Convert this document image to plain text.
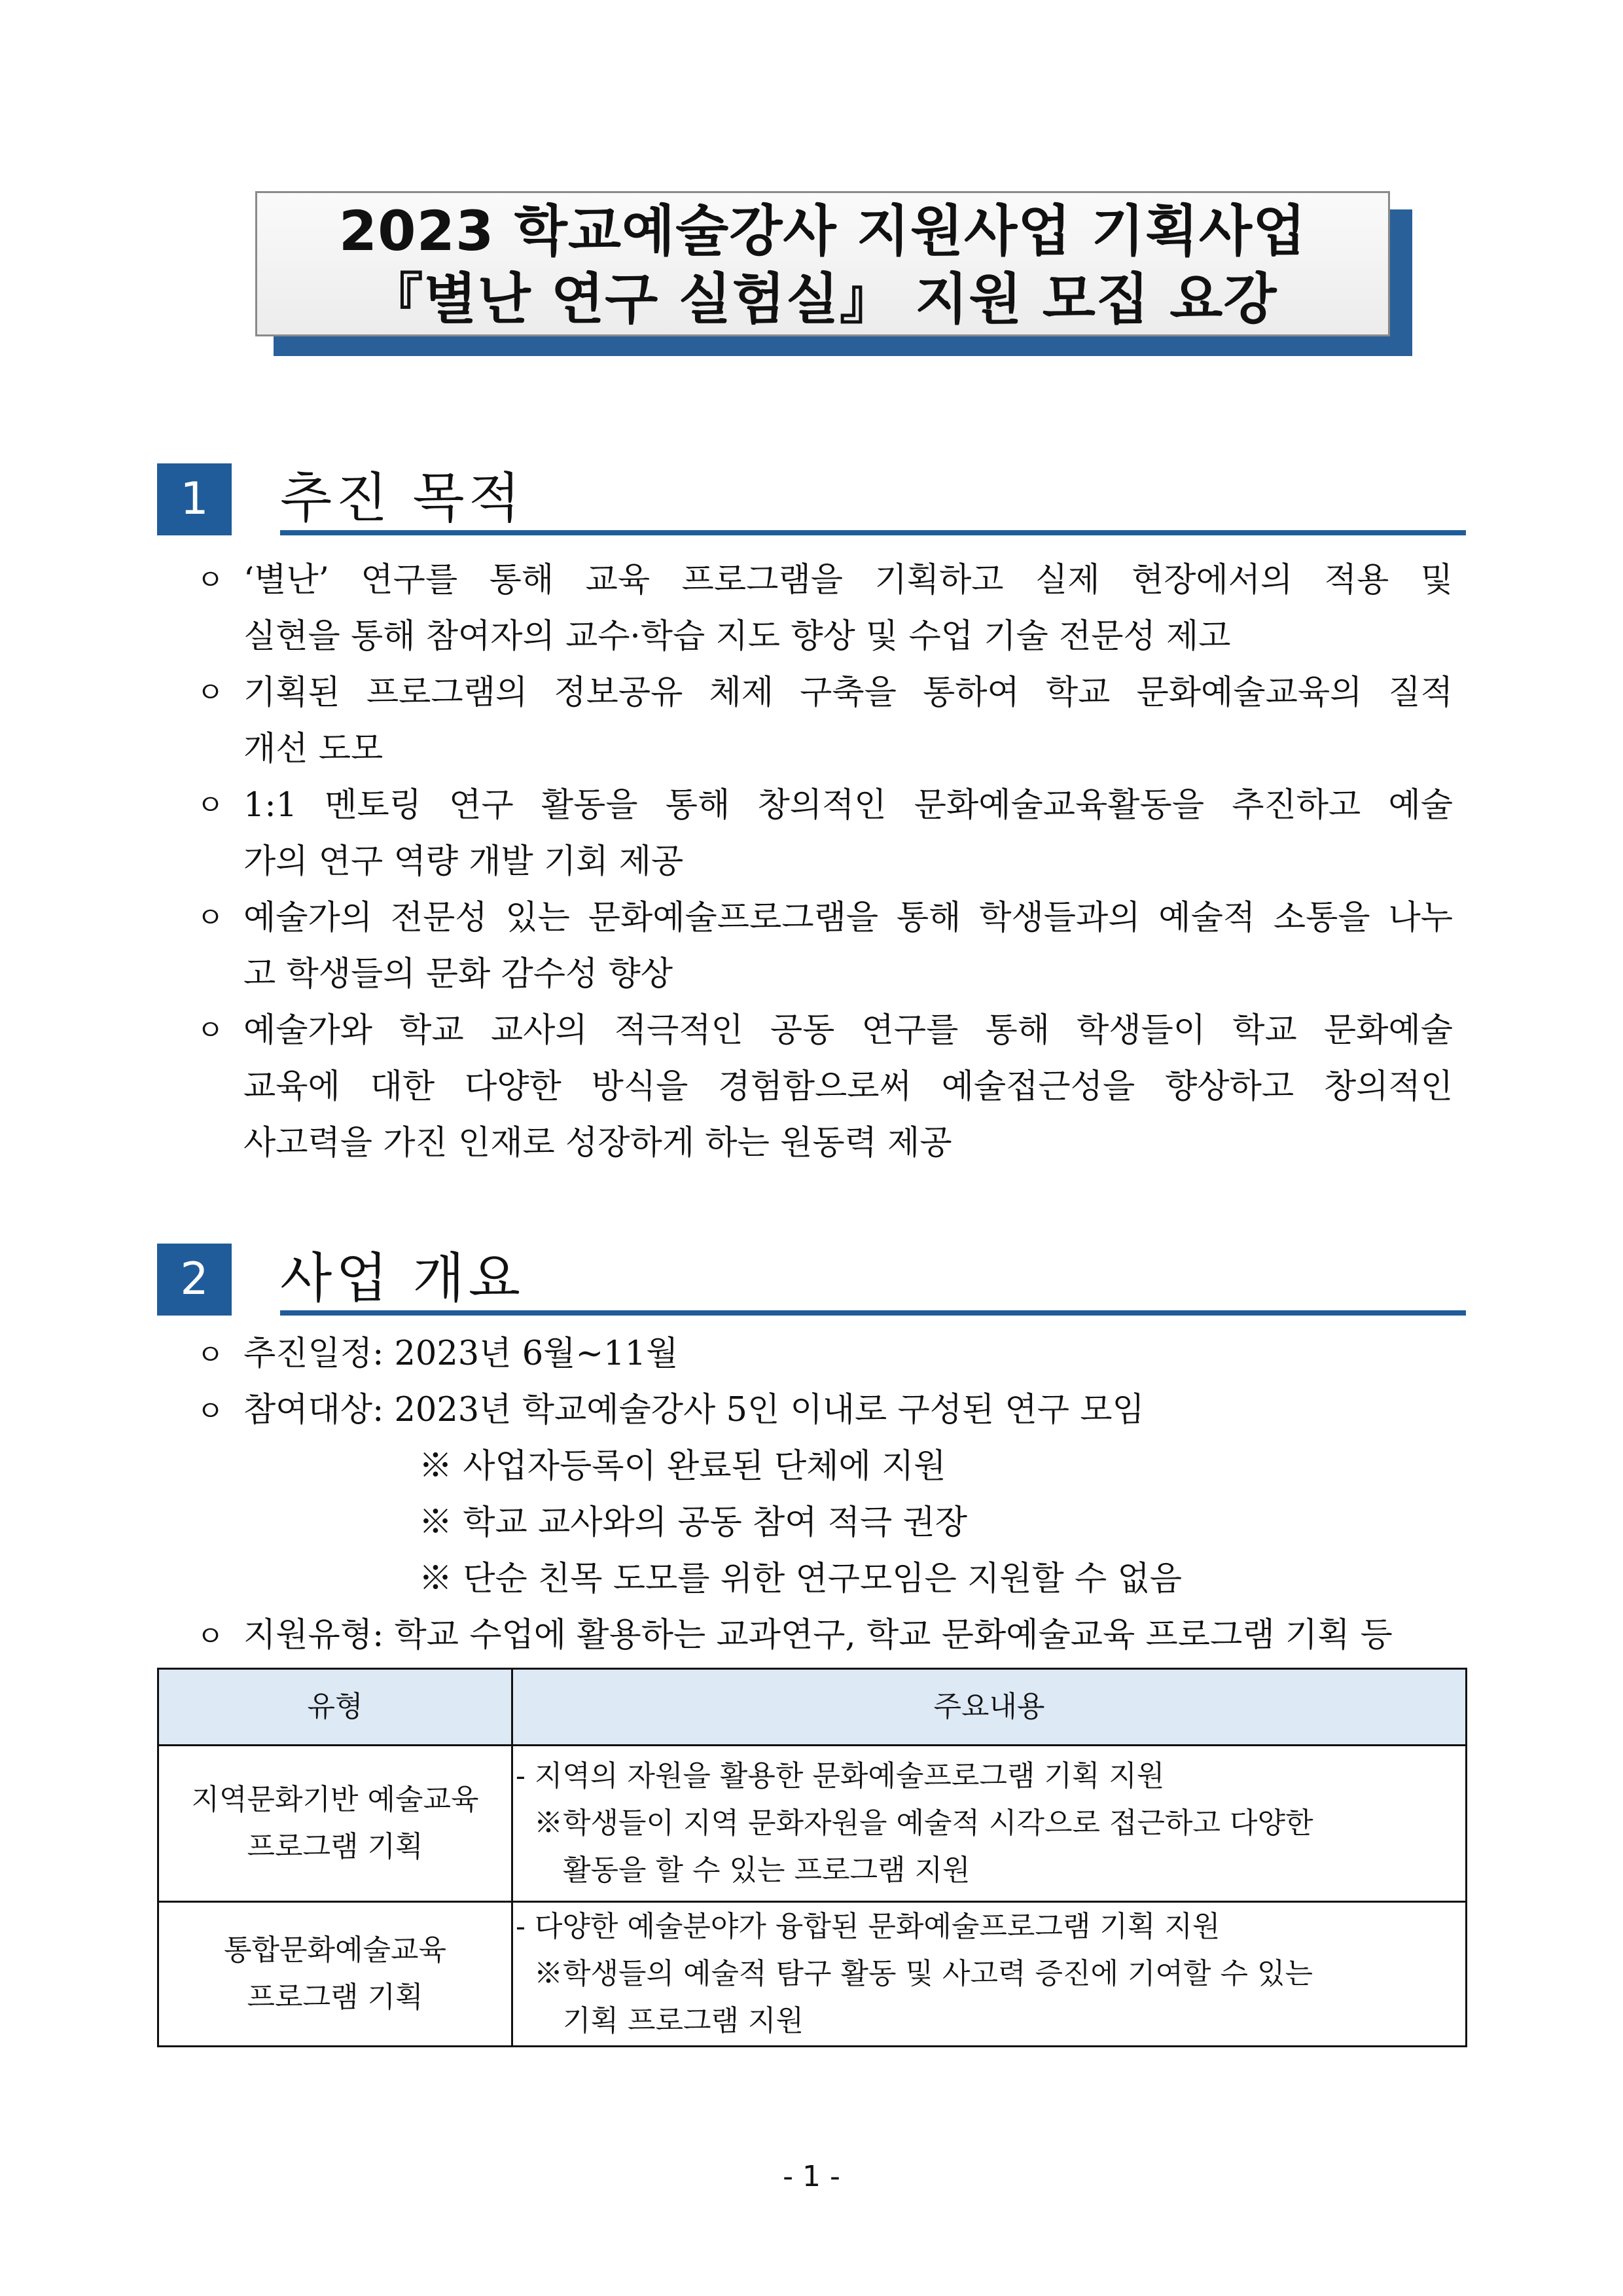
2023 학교예술강사 지원사업 기획사업
『별난 연구 실험실』 지원 모집 요강
1	추진 목적
ㅇ ‘별난’ 연구를 통해 교육 프로그램을 기획하고 실제 현장에서의 적용 및
실현을 통해 참여자의 교수·학습 지도 향상 및 수업 기술 전문성 제고
ㅇ 기획된 프로그램의 정보공유 체제 구축을 통하여 학교 문화예술교육의 질적
개선 도모
ㅇ 1:1 멘토링 연구 활동을 통해 창의적인 문화예술교육활동을 추진하고 예술
가의 연구 역량 개발 기회 제공
ㅇ 예술가의 전문성 있는 문화예술프로그램을 통해 학생들과의 예술적 소통을 나누
고 학생들의 문화 감수성 향상
ㅇ 예술가와 학교 교사의 적극적인 공동 연구를 통해 학생들이 학교 문화예술
교육에 대한 다양한 방식을 경험함으로써 예술접근성을 향상하고 창의적인
사고력을 가진 인재로 성장하게 하는 원동력 제공
2	사업 개요
ㅇ 추진일정: 2023년 6월~11월
ㅇ 참여대상: 2023년 학교예술강사 5인 이내로 구성된 연구 모임
※ 사업자등록이 완료된 단체에 지원
※ 학교 교사와의 공동 참여 적극 권장
※ 단순 친목 도모를 위한 연구모임은 지원할 수 없음
ㅇ 지원유형: 학교 수업에 활용하는 교과연구, 학교 문화예술교육 프로그램 기획 등
유형	주요내용

지역문화기반 예술교육
프로그램 기획	- 지역의 자원을 활용한 문화예술프로그램 기획 지원
※학생들이 지역 문화자원을 예술적 시각으로 접근하고 다양한
활동을 할 수 있는 프로그램 지원

통합문화예술교육
프로그램 기획	- 다양한 예술분야가 융합된 문화예술프로그램 기획 지원
※학생들의 예술적 탐구 활동 및 사고력 증진에 기여할 수 있는
기획 프로그램 지원
- 1 -
